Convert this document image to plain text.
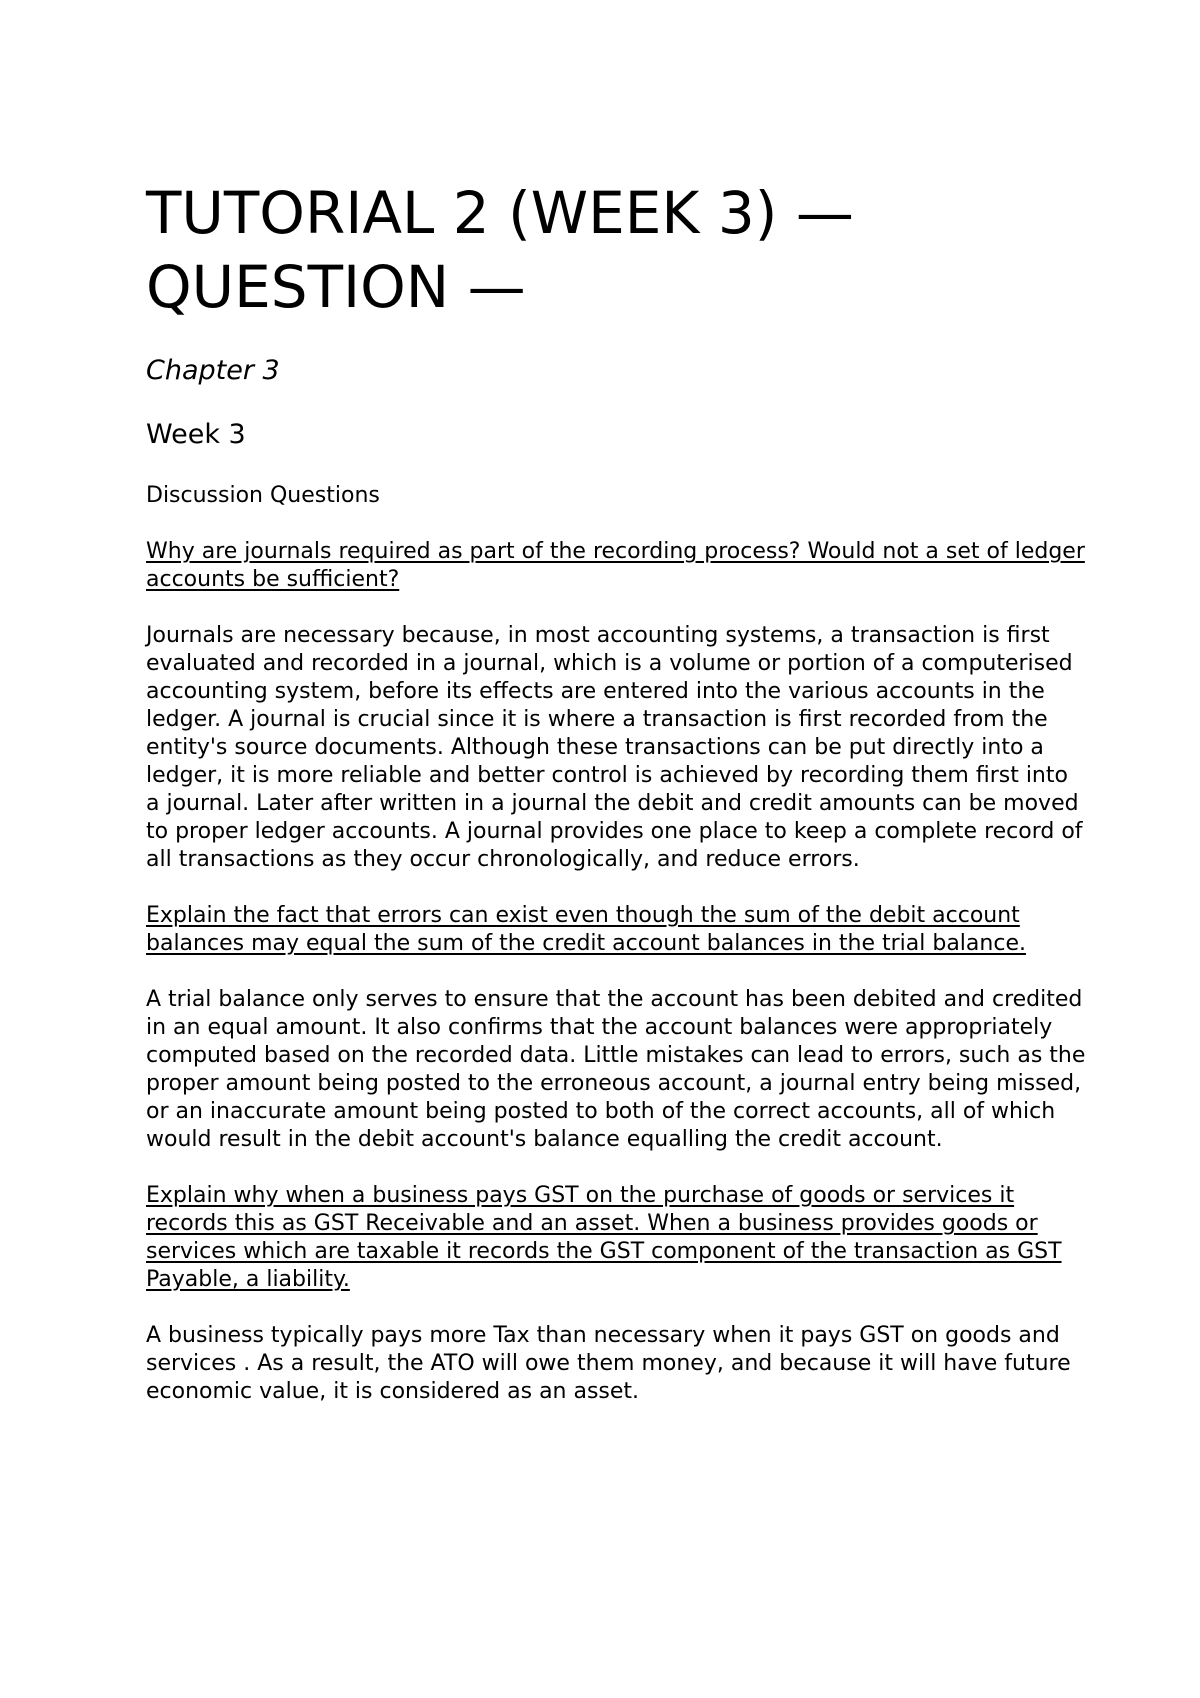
TUTORIAL 2 (WEEK 3) — QUESTION —

Chapter 3

Week 3

Discussion Questions

Why are journals required as part of the recording process? Would not a set of ledger accounts be sufficient?

Journals are necessary because, in most accounting systems, a transaction is first evaluated and recorded in a journal, which is a volume or portion of a computerised accounting system, before its effects are entered into the various accounts in the ledger. A journal is crucial since it is where a transaction is first recorded from the entity's source documents. Although these transactions can be put directly into a ledger, it is more reliable and better control is achieved by recording them first into a journal. Later after written in a journal the debit and credit amounts can be moved to proper ledger accounts. A journal provides one place to keep a complete record of all transactions as they occur chronologically, and reduce errors.

Explain the fact that errors can exist even though the sum of the debit account balances may equal the sum of the credit account balances in the trial balance.

A trial balance only serves to ensure that the account has been debited and credited in an equal amount. It also confirms that the account balances were appropriately computed based on the recorded data. Little mistakes can lead to errors, such as the proper amount being posted to the erroneous account, a journal entry being missed, or an inaccurate amount being posted to both of the correct accounts, all of which would result in the debit account's balance equalling the credit account.

Explain why when a business pays GST on the purchase of goods or services it records this as GST Receivable and an asset. When a business provides goods or services which are taxable it records the GST component of the transaction as GST Payable, a liability.

A business typically pays more Tax than necessary when it pays GST on goods and services . As a result, the ATO will owe them money, and because it will have future economic value, it is considered as an asset.
